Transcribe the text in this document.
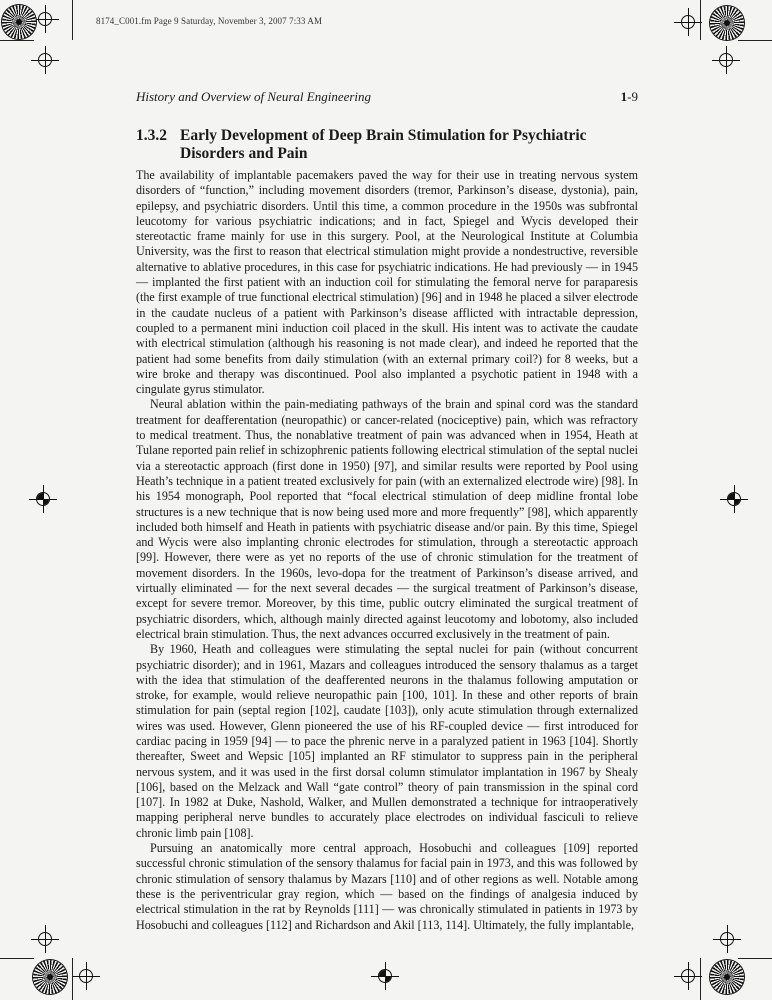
8174_C001.fm Page 9 Saturday, November 3, 2007 7:33 AM
History and Overview of Neural Engineering	1-9
1.3.2 Early Development of Deep Brain Stimulation for Psychiatric Disorders and Pain

The availability of implantable pacemakers paved the way for their use in treating nervous system disorders of “function,” including movement disorders (tremor, Parkinson’s disease, dystonia), pain, epilepsy, and psychiatric disorders. Until this time, a common procedure in the 1950s was subfrontal leucotomy for various psychiatric indications; and in fact, Spiegel and Wycis developed their stereotactic frame mainly for use in this surgery. Pool, at the Neurological Institute at Columbia University, was the first to reason that electrical stimulation might provide a nondestructive, reversible alternative to ablative procedures, in this case for psychiatric indications. He had previously — in 1945 — implanted the first patient with an induction coil for stimulating the femoral nerve for paraparesis (the first example of true functional electrical stimulation) [96] and in 1948 he placed a silver electrode in the caudate nucleus of a patient with Parkinson’s disease afflicted with intractable depression, coupled to a permanent mini induction coil placed in the skull. His intent was to activate the caudate with electrical stimulation (although his reasoning is not made clear), and indeed he reported that the patient had some benefits from daily stimulation (with an external primary coil?) for 8 weeks, but a wire broke and therapy was discontinued. Pool also implanted a psychotic patient in 1948 with a cingulate gyrus stimulator.

Neural ablation within the pain-mediating pathways of the brain and spinal cord was the standard treatment for deafferentation (neuropathic) or cancer-related (nociceptive) pain, which was refractory to medical treatment. Thus, the nonablative treatment of pain was advanced when in 1954, Heath at Tulane reported pain relief in schizophrenic patients following electrical stimulation of the septal nuclei via a stereotactic approach (first done in 1950) [97], and similar results were reported by Pool using Heath’s technique in a patient treated exclusively for pain (with an externalized electrode wire) [98]. In his 1954 monograph, Pool reported that “focal electrical stimulation of deep midline frontal lobe structures is a new technique that is now being used more and more frequently” [98], which apparently included both himself and Heath in patients with psychiatric disease and/or pain. By this time, Spiegel and Wycis were also implanting chronic electrodes for stimulation, through a stereotactic approach [99]. However, there were as yet no reports of the use of chronic stimulation for the treatment of movement disorders. In the 1960s, levo-dopa for the treatment of Parkinson’s disease arrived, and virtually eliminated — for the next several decades — the surgical treatment of Parkinson’s disease, except for severe tremor. Moreover, by this time, public outcry eliminated the surgical treatment of psychiatric disorders, which, although mainly directed against leucotomy and lobotomy, also included electrical brain stimulation. Thus, the next advances occurred exclusively in the treatment of pain.

By 1960, Heath and colleagues were stimulating the septal nuclei for pain (without concurrent psychiatric disorder); and in 1961, Mazars and colleagues introduced the sensory thalamus as a target with the idea that stimulation of the deafferented neurons in the thalamus following amputation or stroke, for example, would relieve neuropathic pain [100, 101]. In these and other reports of brain stimulation for pain (septal region [102], caudate [103]), only acute stimulation through externalized wires was used. However, Glenn pioneered the use of his RF-coupled device — first introduced for cardiac pacing in 1959 [94] — to pace the phrenic nerve in a paralyzed patient in 1963 [104]. Shortly thereafter, Sweet and Wepsic [105] implanted an RF stimulator to suppress pain in the peripheral nervous system, and it was used in the first dorsal column stimulator implantation in 1967 by Shealy [106], based on the Melzack and Wall “gate control” theory of pain transmission in the spinal cord [107]. In 1982 at Duke, Nashold, Walker, and Mullen demonstrated a technique for intraoperatively mapping peripheral nerve bundles to accurately place electrodes on individual fasciculi to relieve chronic limb pain [108].

Pursuing an anatomically more central approach, Hosobuchi and colleagues [109] reported successful chronic stimulation of the sensory thalamus for facial pain in 1973, and this was followed by chronic stimulation of sensory thalamus by Mazars [110] and of other regions as well. Notable among these is the periventricular gray region, which — based on the findings of analgesia induced by electrical stimulation in the rat by Reynolds [111] — was chronically stimulated in patients in 1973 by Hosobuchi and colleagues [112] and Richardson and Akil [113, 114]. Ultimately, the fully implantable,
